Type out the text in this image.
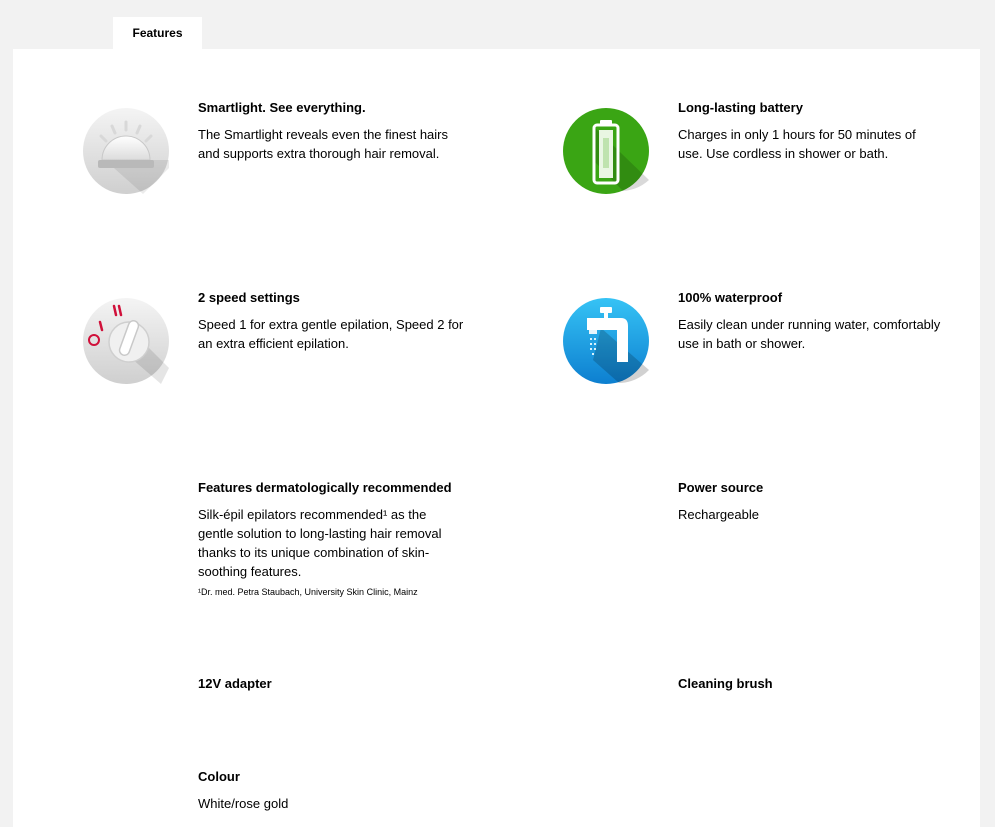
Features
Smartlight. See everything.
The Smartlight reveals even the finest hairs and supports extra thorough hair removal.
Long-lasting battery
Charges in only 1 hours for 50 minutes of use. Use cordless in shower or bath.
2 speed settings
Speed 1 for extra gentle epilation, Speed 2 for an extra efficient epilation.
100% waterproof
Easily clean under running water, comfortably use in bath or shower.
Features dermatologically recommended
Silk-épil epilators recommended¹ as the gentle solution to long-lasting hair removal thanks to its unique combination of skin-soothing features.
¹Dr. med. Petra Staubach, University Skin Clinic, Mainz
Power source
Rechargeable
12V adapter	Cleaning brush
Colour
White/rose gold
